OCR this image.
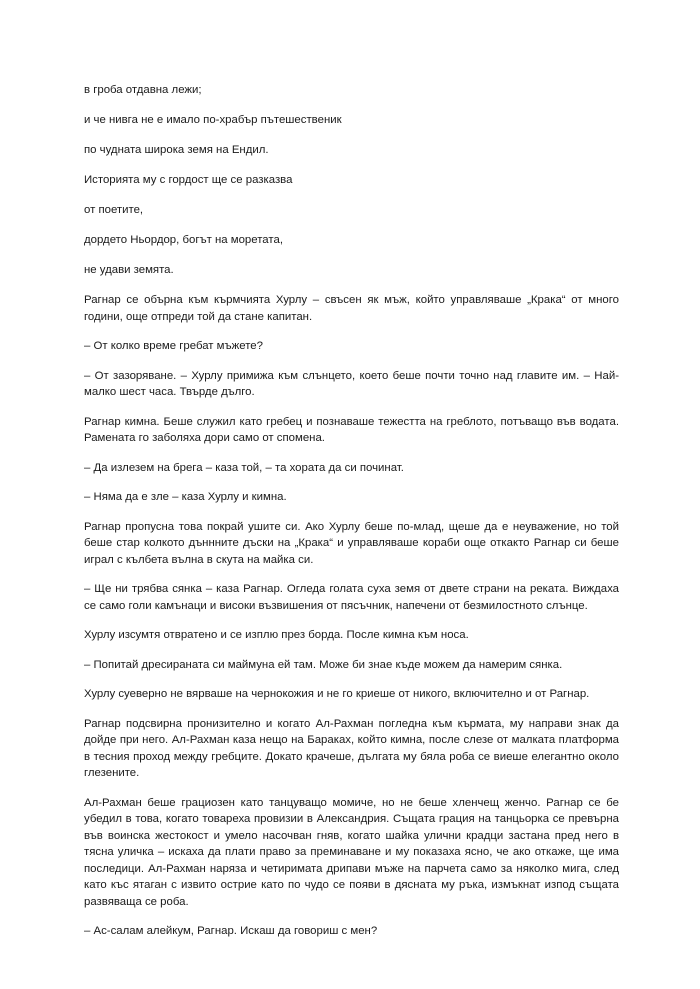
в гроба отдавна лежи;

и че нивга не е имало по-храбър пътешественик

по чудната широка земя на Ендил.

Историята му с гордост ще се разказва

от поетите,

дордето Ньордор, богът на моретата,

не удави земята.

Рагнар се обърна към кърмчията Хурлу – свъсен як мъж, който управляваше „Крака“ от много години, още отпреди той да стане капитан.

– От колко време гребат мъжете?

– От зазоряване. – Хурлу примижа към слънцето, което беше почти точно над главите им. – Най-малко шест часа. Твърде дълго.

Рагнар кимна. Беше служил като гребец и познаваше тежестта на греблото, потъващо във водата. Рамената го заболяха дори само от спомена.

– Да излезем на брега – каза той, – та хората да си починат.

– Няма да е зле – каза Хурлу и кимна.

Рагнар пропусна това покрай ушите си. Ако Хурлу беше по-млад, щеше да е неуважение, но той беше стар колкото дъннните дъски на „Крака“ и управляваше кораби още откакто Рагнар си беше играл с кълбета вълна в скута на майка си.

– Ще ни трябва сянка – каза Рагнар. Огледа голата суха земя от двете страни на реката. Виждаха се само голи камънаци и високи възвишения от пясъчник, напечени от безмилостното слънце.

Хурлу изсумтя отвратено и се изплю през борда. После кимна към носа.

– Попитай дресираната си маймуна ей там. Може би знае къде можем да намерим сянка.

Хурлу суеверно не вярваше на чернокожия и не го криеше от никого, включително и от Рагнар.

Рагнар подсвирна пронизително и когато Ал-Рахман погледна към кърмата, му направи знак да дойде при него. Ал-Рахман каза нещо на Бараках, който кимна, после слезе от малката платформа в тесния проход между гребците. Докато крачеше, дългата му бяла роба се виеше елегантно около глезените.

Ал-Рахман беше грациозен като танцуващо момиче, но не беше хленчещ женчо. Рагнар се бе убедил в това, когато товареха провизии в Александрия. Същата грация на танцьорка се превърна във воинска жестокост и умело насочван гняв, когато шайка улични крадци застана пред него в тясна уличка – искаха да плати право за преминаване и му показаха ясно, че ако откаже, ще има последици. Ал-Рахман наряза и четиримата дрипави мъже на парчета само за няколко мига, след като къс ятаган с извито острие като по чудо се появи в дясната му ръка, измъкнат изпод същата развяваща се роба.

– Ас-салам алейкум, Рагнар. Искаш да говориш с мен?
